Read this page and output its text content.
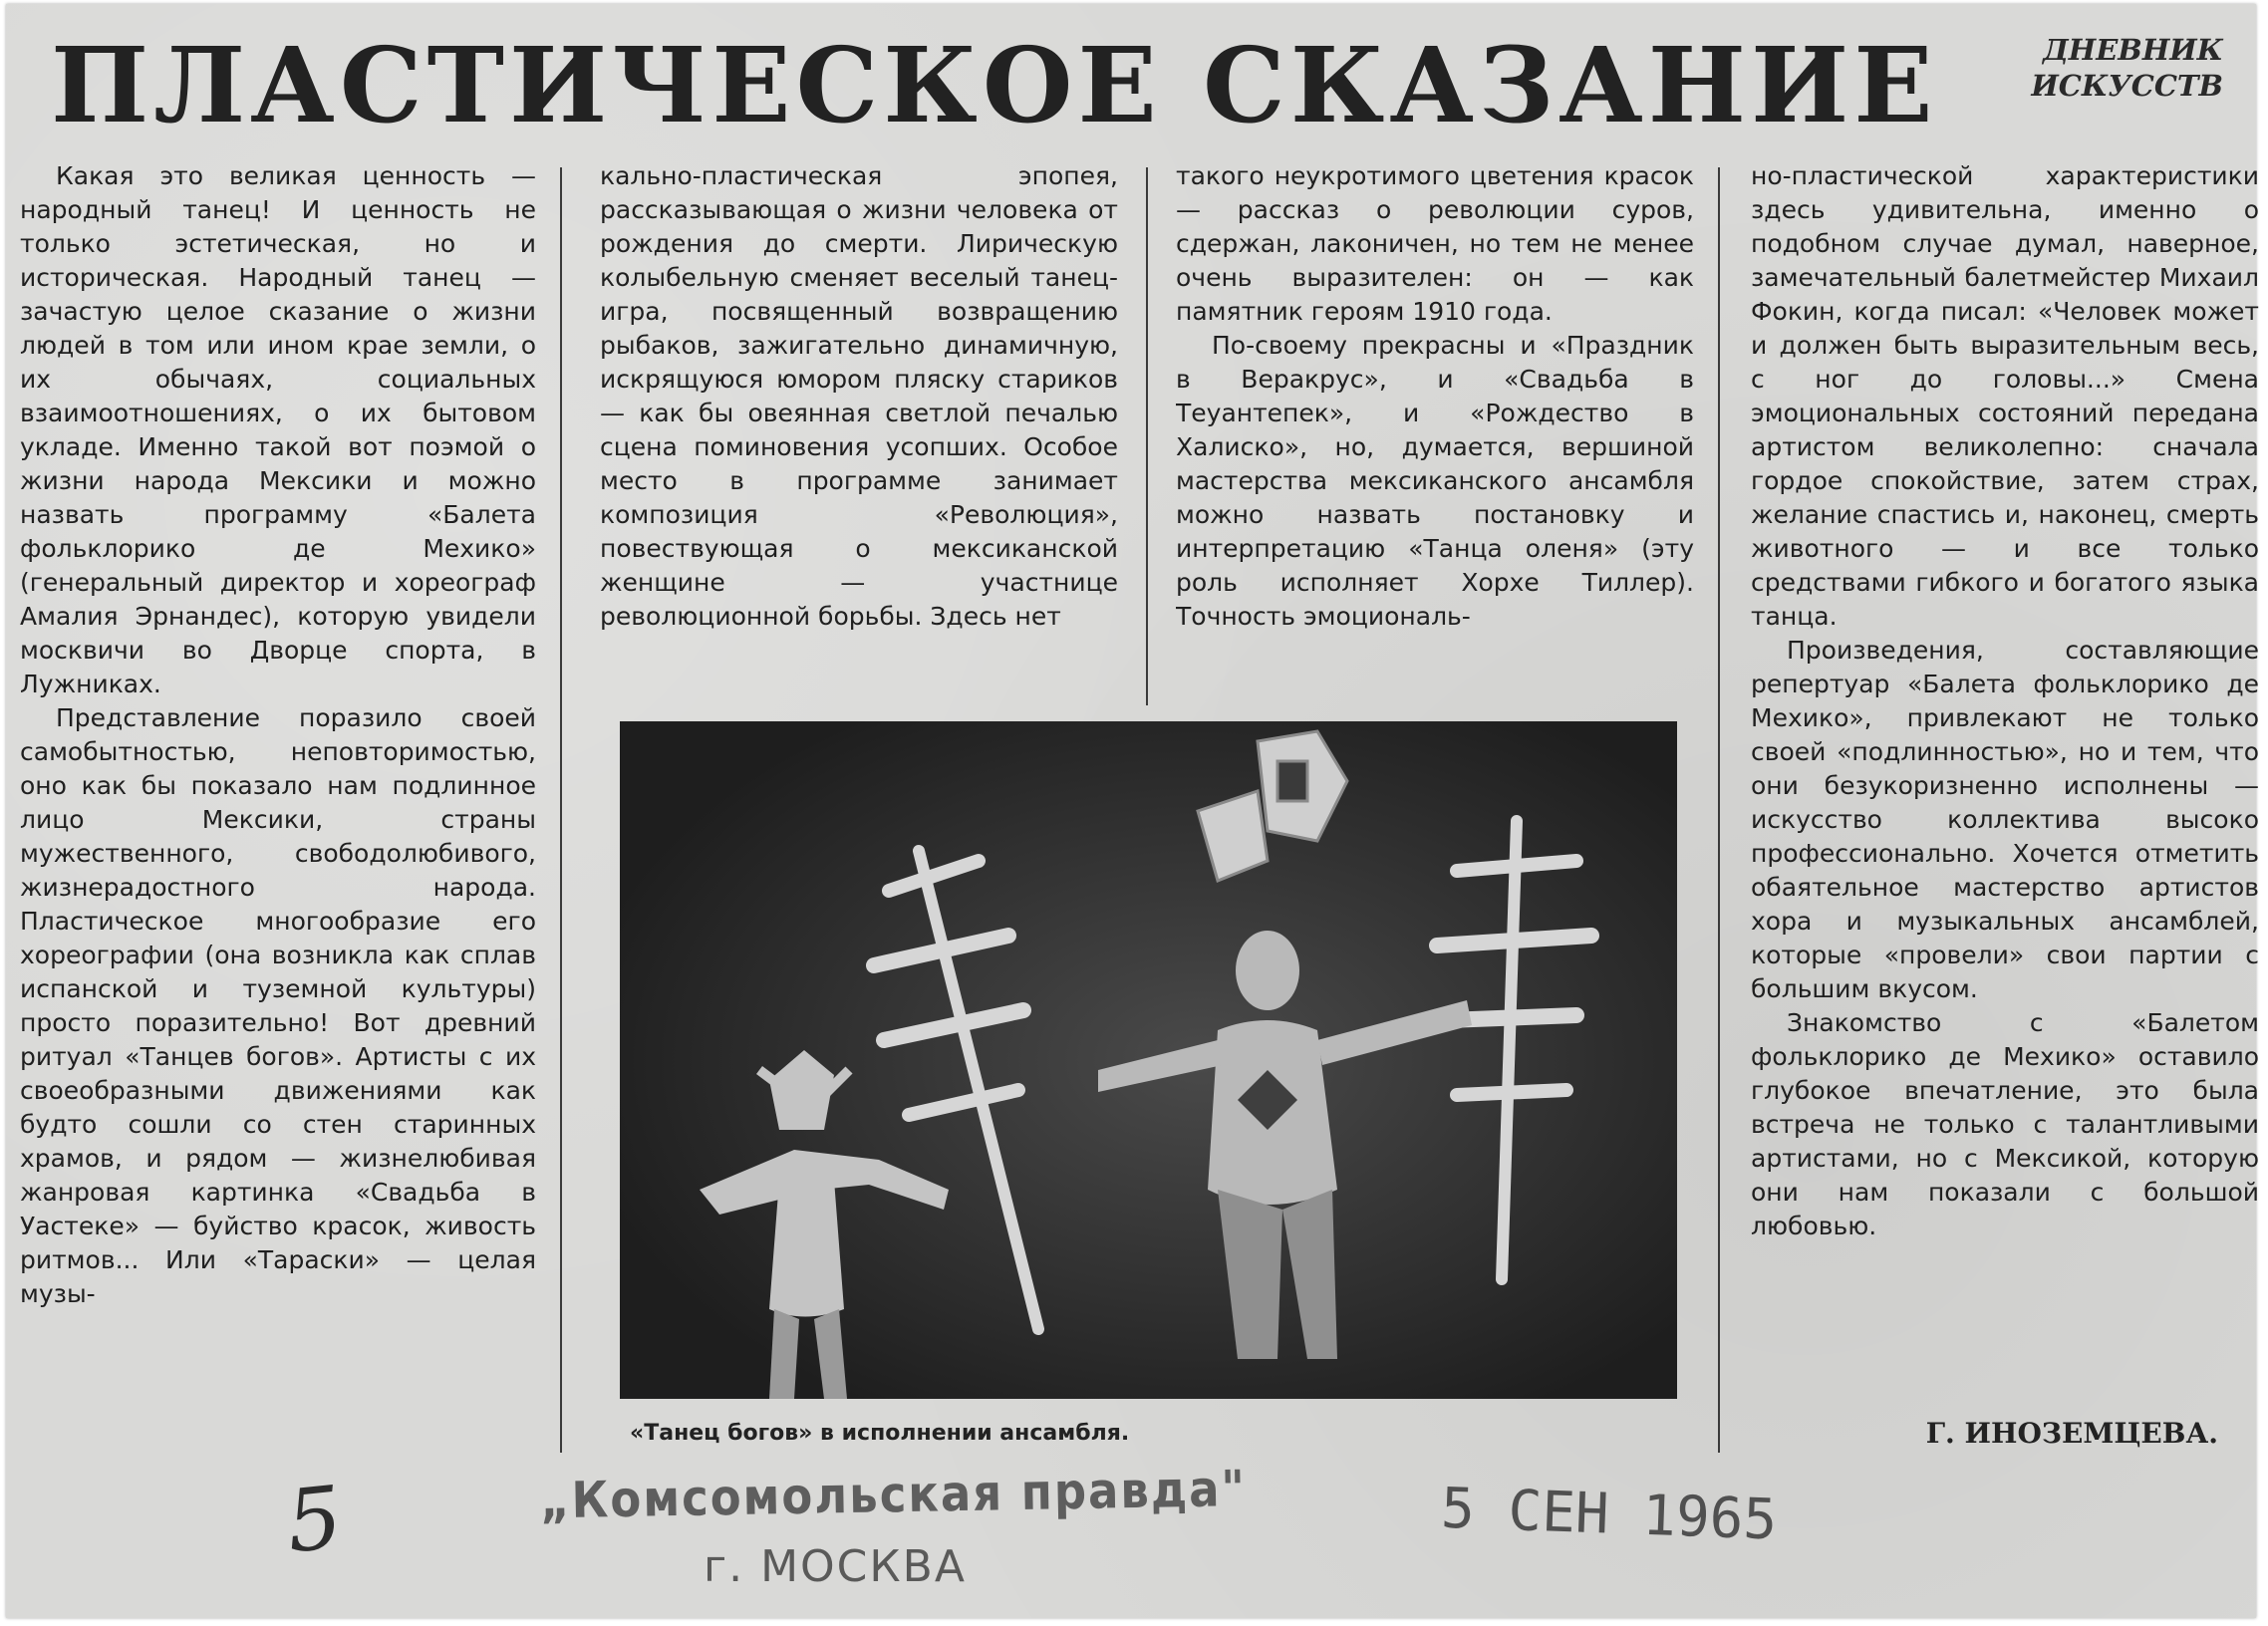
ПЛАСТИЧЕСКОЕ СКАЗАНИЕ	ДНЕВНИК
ИСКУССТВ

Какая это великая ценность — народный танец! И ценность не только эстетическая, но и историческая. Народный танец — зачастую целое сказание о жизни людей в том или ином крае земли, о их обычаях, социальных взаимоотношениях, о их бытовом укладе. Именно такой вот поэмой о жизни народа Мексики и можно назвать программу «Балета фольклорико де Мехико» (генеральный директор и хореограф Амалия Эрнандес), которую увидели москвичи во Дворце спорта, в Лужниках.

Представление поразило своей самобытностью, неповторимостью, оно как бы показало нам подлинное лицо Мексики, страны мужественного, свободолюбивого, жизнерадостного народа. Пластическое многообразие его хореографии (она возникла как сплав испанской и туземной культуры) просто поразительно! Вот древний ритуал «Танцев богов». Артисты с их своеобразными движениями как будто сошли со стен старинных храмов, и рядом — жизнелюбивая жанровая картинка «Свадьба в Уастеке» — буйство красок, живость ритмов... Или «Тараски» — целая музы-

кально-пластическая эпопея, рассказывающая о жизни человека от рождения до смерти. Лирическую колыбельную сменяет веселый танец-игра, посвященный возвращению рыбаков, зажигательно динамичную, искрящуюся юмором пляску стариков — как бы овеянная светлой печалью сцена поминовения усопших. Особое место в программе занимает композиция «Революция», повествующая о мексиканской женщине — участнице революционной борьбы. Здесь нет

такого неукротимого цветения красок — рассказ о революции суров, сдержан, лаконичен, но тем не менее очень выразителен: он — как памятник героям 1910 года.

По-своему прекрасны и «Праздник в Веракрус», и «Свадьба в Теуантепек», и «Рождество в Халиско», но, думается, вершиной мастерства мексиканского ансамбля можно назвать постановку и интерпретацию «Танца оленя» (эту роль исполняет Хорхе Тиллер). Точность эмоциональ-

но-пластической характеристики здесь удивительна, именно о подобном случае думал, наверное, замечательный балетмейстер Михаил Фокин, когда писал: «Человек может и должен быть выразительным весь, с ног до головы...» Смена эмоциональных состояний передана артистом великолепно: сначала гордое спокойствие, затем страх, желание спастись и, наконец, смерть животного — и все только средствами гибкого и богатого языка танца.

Произведения, составляющие репертуар «Балета фольклорико де Мехико», привлекают не только своей «подлинностью», но и тем, что они безукоризненно исполнены — искусство коллектива высоко профессионально. Хочется отметить обаятельное мастерство артистов хора и музыкальных ансамблей, которые «провели» свои партии с большим вкусом.

Знакомство с «Балетом фольклорико де Мехико» оставило глубокое впечатление, это была встреча не только с талантливыми артистами, но с Мексикой, которую они нам показали с большой любовью.

«Танец богов» в исполнении ансамбля.	Г. ИНОЗЕМЦЕВА.
5	„Комсомольская правда"
г. МОСКВА
5 СЕН 1965
